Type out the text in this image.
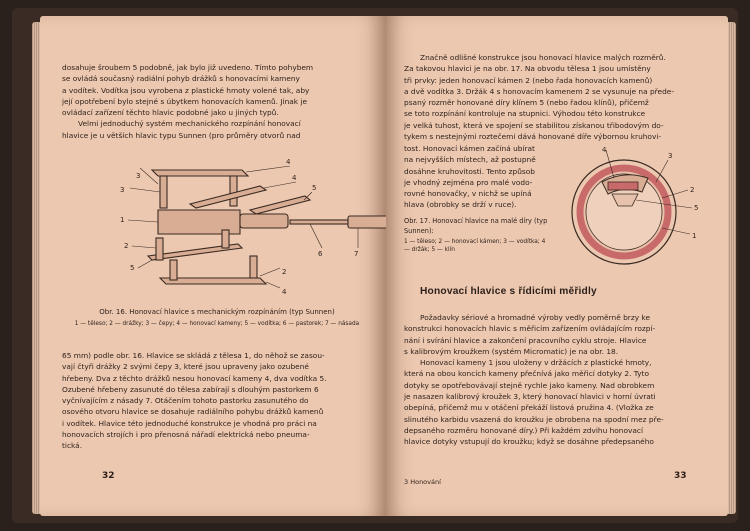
dosahuje šroubem 5 podobně, jak bylo již uvedeno. Tímto pohybem

se ovládá současný radiální pohyb drážků s honovacími kameny

a vodítek. Vodítka jsou vyrobena z plastické hmoty volené tak, aby

její opotřebení bylo stejné s úbytkem honovacích kamenů. Jinak je

ovládací zařízení těchto hlavic podobné jako u jiných typů.

Velmi jednoduchý systém mechanického rozpínání honovací

hlavice je u větších hlavic typu Sunnen (pro průměry otvorů nad

4
3
4
1
5
2
5
6	7
3
2
4
Obr. 16. Honovací hlavice s mechanickým rozpínáním (typ Sunnen)
1 — těleso; 2 — drážky; 3 — čepy; 4 — honovací kameny; 5 — vodítka; 6 — pastorek; 7 — násada

65 mm) podle obr. 16. Hlavice se skládá z tělesa 1, do něhož se zasou-

vají čtyři drážky 2 svými čepy 3, které jsou upraveny jako ozubené

hřebeny. Dva z těchto drážků nesou honovací kameny 4, dva vodítka 5.

Ozubené hřebeny zasunuté do tělesa zabírají s dlouhým pastorkem 6

vyčnívajícím z násady 7. Otáčením tohoto pastorku zasunutého do

osového otvoru hlavice se dosahuje radiálního pohybu drážků kamenů

i vodítek. Hlavice této jednoduché konstrukce je vhodná pro práci na

honovacích strojích i pro přenosná nářadí elektrická nebo pneuma-

tická.

32

Značně odlišné konstrukce jsou honovací hlavice malých rozměrů.

Za takovou hlavici je na obr. 17. Na obvodu tělesa 1 jsou umístěny

tři prvky: jeden honovací kámen 2 (nebo řada honovacích kamenů)

a dvě vodítka 3. Držák 4 s honovacím kamenem 2 se vysunuje na přede-

psaný rozměr honované díry klínem 5 (nebo řadou klínů), přičemž

se toto rozpínání kontroluje na stupnici. Výhodou této konstrukce

je velká tuhost, která ve spojení se stabilitou získanou třibodovým do-

tykem s nestejnými roztečemi dává honované díře výbornou kruhovi-

tost. Honovací kámen začíná ubírat

na nejvyšších místech, až postupně

dosáhne kruhovitosti. Tento způsob

je vhodný zejména pro malé vodo-

rovné honovačky, v nichž se upíná

hlava (obrobky se drží v ruce).

4
3
2
5
1
Obr. 17. Honovací hlavice na malé díry (typ Sunnen):
1 — těleso; 2 — honovací kámen; 3 — vodítka; 4 — držák; 5 — klín
Honovací hlavice s řídicími měřidly

Požadavky sériové a hromadné výroby vedly poměrně brzy ke

konstrukci honovacích hlavic s měřicím zařízením ovládajícím rozpí-

nání i svírání hlavice a zakončení pracovního cyklu stroje. Hlavice

s kalibrovým kroužkem (systém Micromatic) je na obr. 18.

Honovací kameny 1 jsou uloženy v držácích z plastické hmoty,

která na obou koncích kameny přečnívá jako měřicí dotyky 2. Tyto

dotyky se opotřebovávají stejně rychle jako kameny. Nad obrobkem

je nasazen kalibrový kroužek 3, který honovací hlavici v horní úvrati

obepíná, přičemž mu v otáčení překáží listová pružina 4. (Vložka ze

slinutého karbidu vsazená do kroužku je obrobena na spodní mez pře-

depsaného rozměru honované díry.) Při každém zdvihu honovací

hlavice dotyky vstupují do kroužku; když se dosáhne předepsaného

3 Honování
33
